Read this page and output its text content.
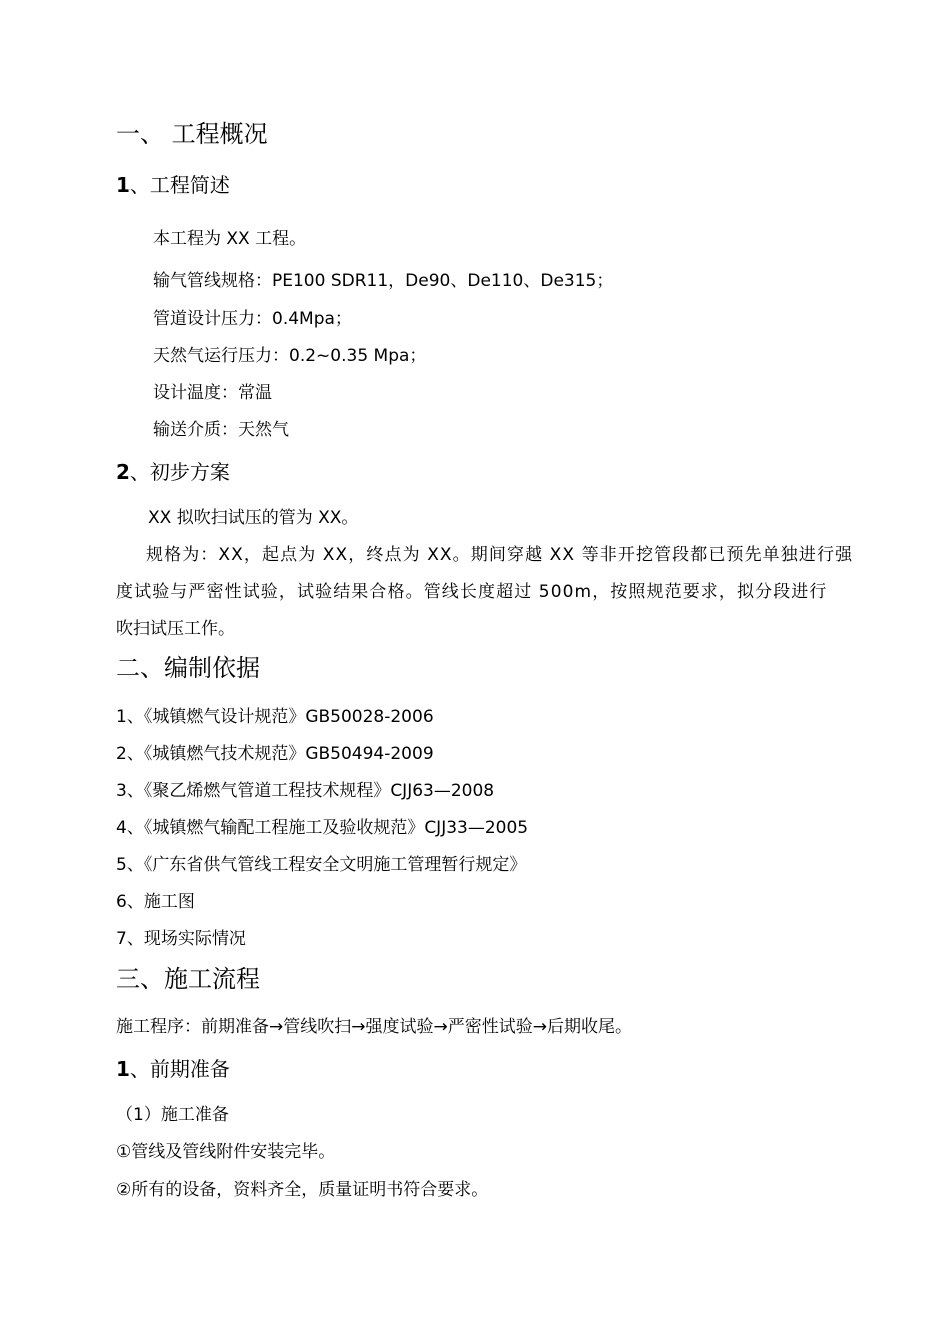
一、 工程概况
1、工程简述
本工程为 XX 工程。
输气管线规格：PE100 SDR11，De90、De110、De315；
管道设计压力：0.4Mpa；
天然气运行压力：0.2~0.35 Mpa；
设计温度：常温
输送介质：天然气
2、初步方案
XX 拟吹扫试压的管为 XX。
规格为：XX，起点为 XX，终点为 XX。期间穿越 XX 等非开挖管段都已预先单独进行强
度试验与严密性试验，试验结果合格。管线长度超过 500m，按照规范要求，拟分段进行
吹扫试压工作。
二、编制依据
1、《城镇燃气设计规范》GB50028-2006
2、《城镇燃气技术规范》GB50494-2009
3、《聚乙烯燃气管道工程技术规程》CJJ63—2008
4、《城镇燃气输配工程施工及验收规范》CJJ33—2005
5、《广东省供气管线工程安全文明施工管理暂行规定》
6、施工图
7、现场实际情况
三、施工流程
施工程序：前期准备→管线吹扫→强度试验→严密性试验→后期收尾。
1、前期准备
（1）施工准备
①管线及管线附件安装完毕。
②所有的设备，资料齐全，质量证明书符合要求。
